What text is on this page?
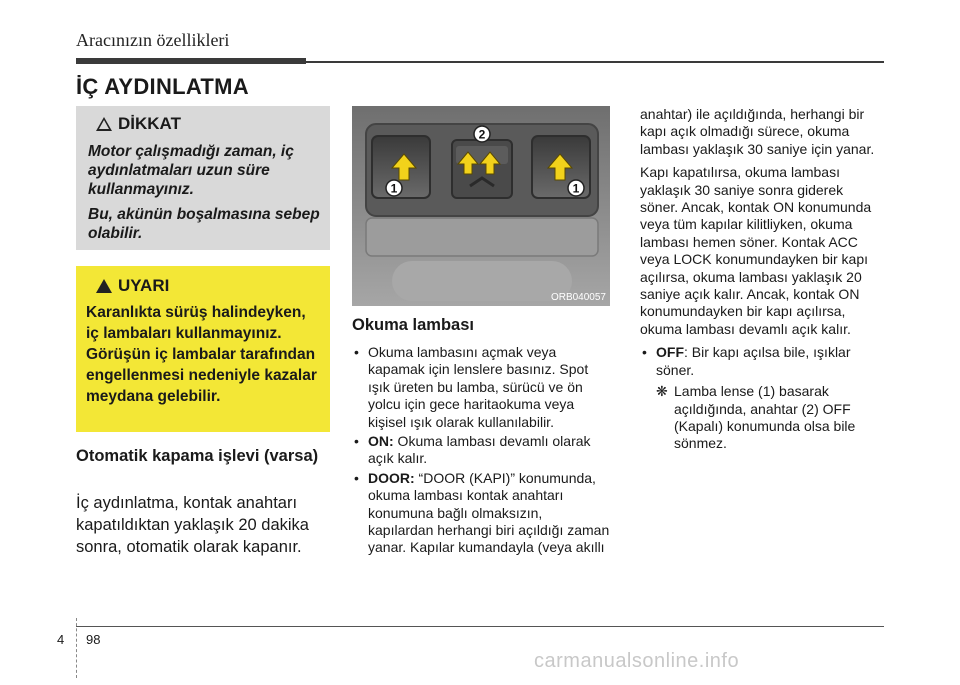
Aracınızın özellikleri
İÇ AYDINLATMA
DİKKAT

Motor çalışmadığı zaman, iç aydınlatmaları uzun süre kullanmayınız.

Bu, akünün boşalmasına sebep olabilir.

UYARI
Karanlıkta sürüş halindeyken, iç lambaları kullanmayınız. Görüşün iç lambalar tarafından engellenmesi nedeniyle kazalar meydana gelebilir.
Otomatik kapama işlevi (varsa)
İç aydınlatma, kontak anahtarı kapatıldıktan yaklaşık 20 dakika sonra, otomatik olarak kapanır.
1
2
1
ORB040057
Okuma lambası
• Okuma lambasını açmak veya kapamak için lenslere basınız. Spot ışık üreten bu lamba, sürücü ve ön yolcu için gece haritaokuma veya kişisel ışık olarak kullanılabilir.
• ON: Okuma lambası devamlı olarak açık kalır.
• DOOR: “DOOR (KAPI)” konumunda, okuma lambası kontak anahtarı konumuna bağlı olmaksızın, kapılardan herhangi biri açıldığı zaman yanar. Kapılar kumandayla (veya akıllı

anahtar) ile açıldığında, herhangi bir kapı açık olmadığı sürece, okuma lambası yaklaşık 30 saniye için yanar.

Kapı kapatılırsa, okuma lambası yaklaşık 30 saniye sonra giderek söner. Ancak, kontak ON konumunda veya tüm kapılar kilitliyken, okuma lambası hemen söner. Kontak ACC veya LOCK konumundayken bir kapı açılırsa, okuma lambası yaklaşık 20 saniye açık kalır. Ancak, kontak ON konumundayken bir kapı açılırsa, okuma lambası devamlı açık kalır.

• OFF: Bir kapı açılsa bile, ışıklar söner.
❋ Lamba lense (1) basarak açıldığında, anahtar (2) OFF (Kapalı) konumunda olsa bile sönmez.
4 98
carmanualsonline.info
